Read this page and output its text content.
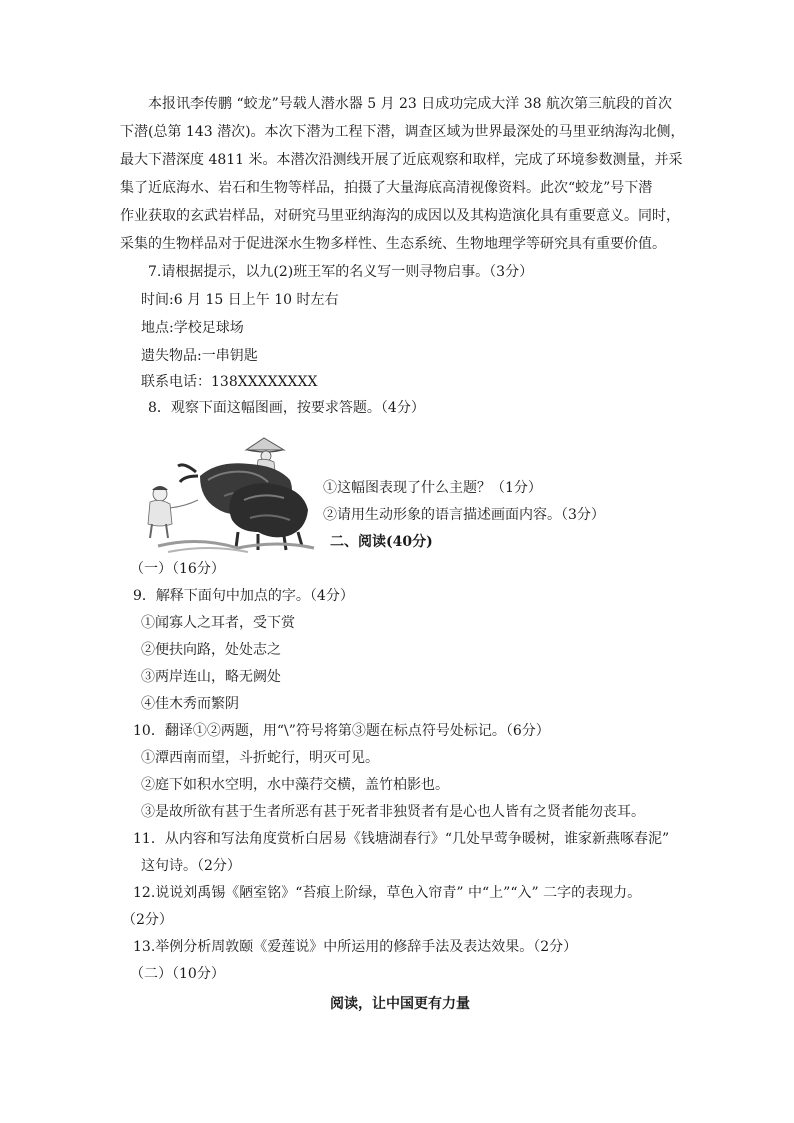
本报讯李传鹏 “蛟龙”号载人潜水器 5 月 23 日成功完成大洋 38 航次第三航段的首次
下潜(总第 143 潜次)。本次下潜为工程下潜，调查区域为世界最深处的马里亚纳海沟北侧，
最大下潜深度 4811 米。本潜次沿测线开展了近底观察和取样，完成了环境参数测量，并采
集了近底海水、岩石和生物等样品，拍摄了大量海底高清视像资料。此次“蛟龙”号下潜
作业获取的玄武岩样品，对研究马里亚纳海沟的成因以及其构造演化具有重要意义。同时，
采集的生物样品对于促进深水生物多样性、生态系统、生物地理学等研究具有重要价值。
7.请根据提示，以九(2)班王军的名义写一则寻物启事。（3分）
时间:6 月 15 日上午 10 时左右
地点:学校足球场
遗失物品:一串钥匙
联系电话：138XXXXXXXX
8．观察下面这幅图画，按要求答题。（4分）
①这幅图表现了什么主题？（1分）
②请用生动形象的语言描述画面内容。（3分）
二、阅读(40分)
（一）（16分）
9．解释下面句中加点的字。（4分）
①闻寡人之耳者，受下赏
②便扶向路，处处志之
③两岸连山，略无阙处
④佳木秀而繁阴
10．翻译①②两题，用“\”符号将第③题在标点符号处标记。（6分）
①潭西南而望，斗折蛇行，明灭可见。
②庭下如积水空明，水中藻荇交横，盖竹柏影也。
③是故所欲有甚于生者所恶有甚于死者非独贤者有是心也人皆有之贤者能勿丧耳。
11．从内容和写法角度赏析白居易《钱塘湖春行》“几处早莺争暖树，谁家新燕啄春泥”
这句诗。（2分）
12.说说刘禹锡《陋室铭》“苔痕上阶绿，草色入帘青” 中“上”“入” 二字的表现力。
（2分）
13.举例分析周敦颐《爱莲说》中所运用的修辞手法及表达效果。（2分）
（二）（10分）
阅读，让中国更有力量
